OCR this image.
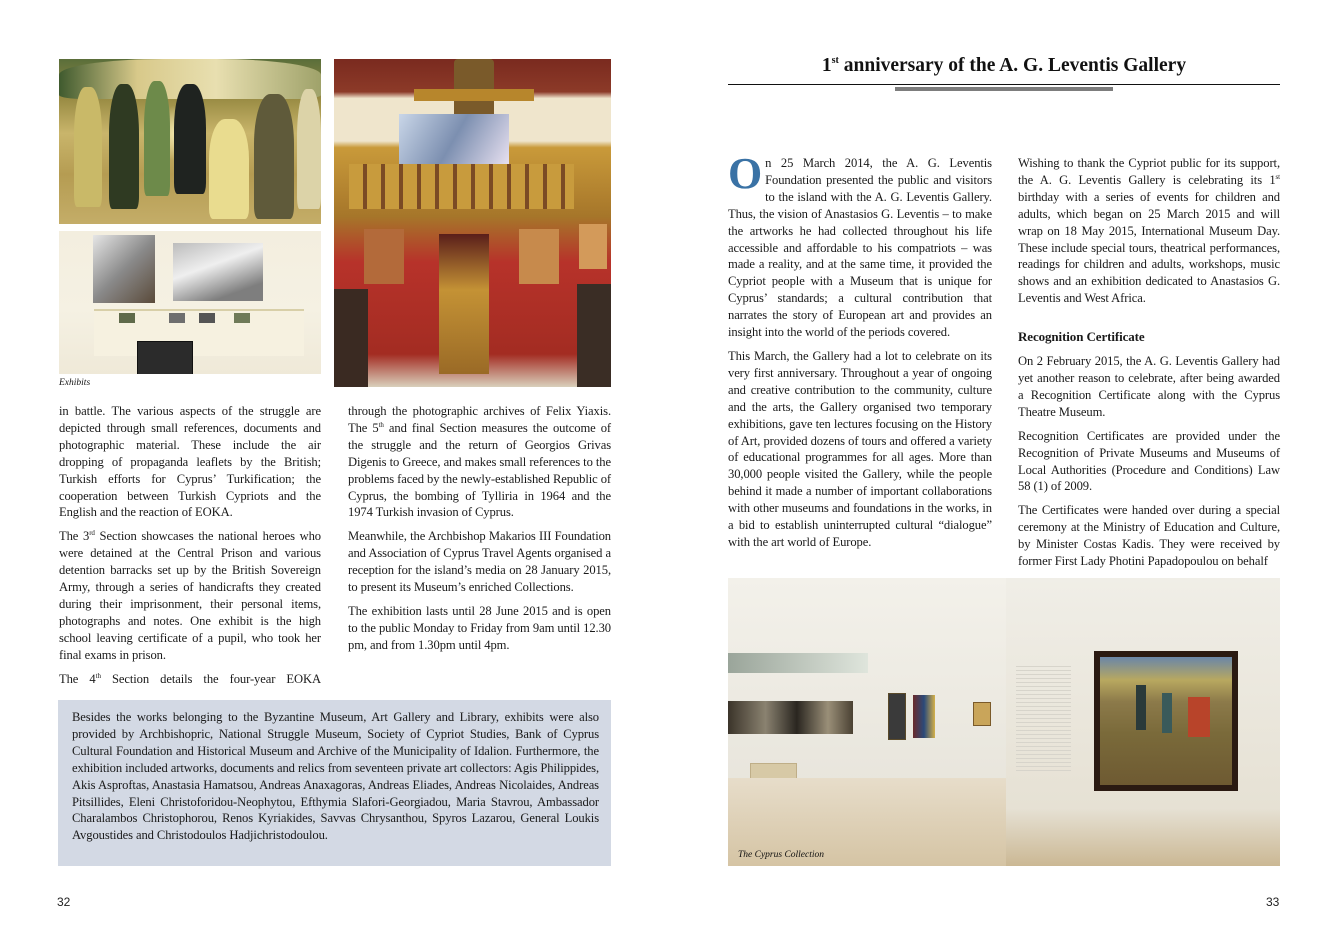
Exhibits

in battle. The various aspects of the struggle are depicted through small references, documents and photographic material. These include the air dropping of propaganda leaflets by the British; Turkish efforts for Cyprus’ Turkification; the cooperation between Turkish Cypriots and the English and the reaction of EOKA.

The 3rd Section showcases the national heroes who were detained at the Central Prison and various detention barracks set up by the British Sovereign Army, through a series of handicrafts they created during their imprisonment, their personal items, photographs and notes. One exhibit is the high school leaving certificate of a pupil, who took her final exams in prison.

The 4th Section details the four-year EOKA

through the photographic archives of Felix Yiaxis. The 5th and final Section measures the outcome of the struggle and the return of Georgios Grivas Digenis to Greece, and makes small references to the problems faced by the newly-established Republic of Cyprus, the bombing of Tylliria in 1964 and the 1974 Turkish invasion of Cyprus.

Meanwhile, the Archbishop Makarios III Foundation and Association of Cyprus Travel Agents organised a reception for the island’s media on 28 January 2015, to present its Museum’s enriched Collections.

The exhibition lasts until 28 June 2015 and is open to the public Monday to Friday from 9am until 12.30 pm, and from 1.30pm until 4pm.

Besides the works belonging to the Byzantine Museum, Art Gallery and Library, exhibits were also provided by Archbishopric, National Struggle Museum, Society of Cypriot Studies, Bank of Cyprus Cultural Foundation and Historical Museum and Archive of the Municipality of Idalion. Furthermore, the exhibition included artworks, documents and relics from seventeen private art collectors: Agis Philippides, Akis Asproftas, Anastasia Hamatsou, Andreas Anaxagoras, Andreas Eliades, Andreas Nicolaides, Andreas Pitsillides, Eleni Christoforidou-Neophytou, Efthymia Slafori-Georgiadou, Maria Stavrou, Ambassador Charalambos Christophorou, Renos Kyriakides, Savvas Chrysanthou, Spyros Lazarou, General Loukis Avgoustides and Christodoulos Hadjichristodoulou.
32
1st anniversary of the A. G. Leventis Gallery

On 25 March 2014, the A. G. Leventis Foundation presented the public and visitors to the island with the A. G. Leventis Gallery. Thus, the vision of Anastasios G. Leventis – to make the artworks he had collected throughout his life accessible and affordable to his compatriots – was made a reality, and at the same time, it provided the Cypriot people with a Museum that is unique for Cyprus’ standards; a cultural contribution that narrates the story of European art and provides an insight into the world of the periods covered.

This March, the Gallery had a lot to celebrate on its very first anniversary. Throughout a year of ongoing and creative contribution to the community, culture and the arts, the Gallery organised two temporary exhibitions, gave ten lectures focusing on the History of Art, provided dozens of tours and offered a variety of educational programmes for all ages. More than 30,000 people visited the Gallery, while the people behind it made a number of important collaborations with other museums and foundations in the works, in a bid to establish uninterrupted cultural “dialogue” with the art world of Europe.

Wishing to thank the Cypriot public for its support, the A. G. Leventis Gallery is celebrating its 1st birthday with a series of events for children and adults, which began on 25 March 2015 and will wrap on 18 May 2015, International Museum Day. These include special tours, theatrical performances, readings for children and adults, workshops, music shows and an exhibition dedicated to Anastasios G. Leventis and West Africa.

Recognition Certificate

On 2 February 2015, the A. G. Leventis Gallery had yet another reason to celebrate, after being awarded a Recognition Certificate along with the Cyprus Theatre Museum.

Recognition Certificates are provided under the Recognition of Private Museums and Museums of Local Authorities (Procedure and Conditions) Law 58 (1) of 2009.

The Certificates were handed over during a special ceremony at the Ministry of Education and Culture, by Minister Costas Kadis. They were received by former First Lady Photini Papadopoulou on behalf

The Cyprus Collection
33
